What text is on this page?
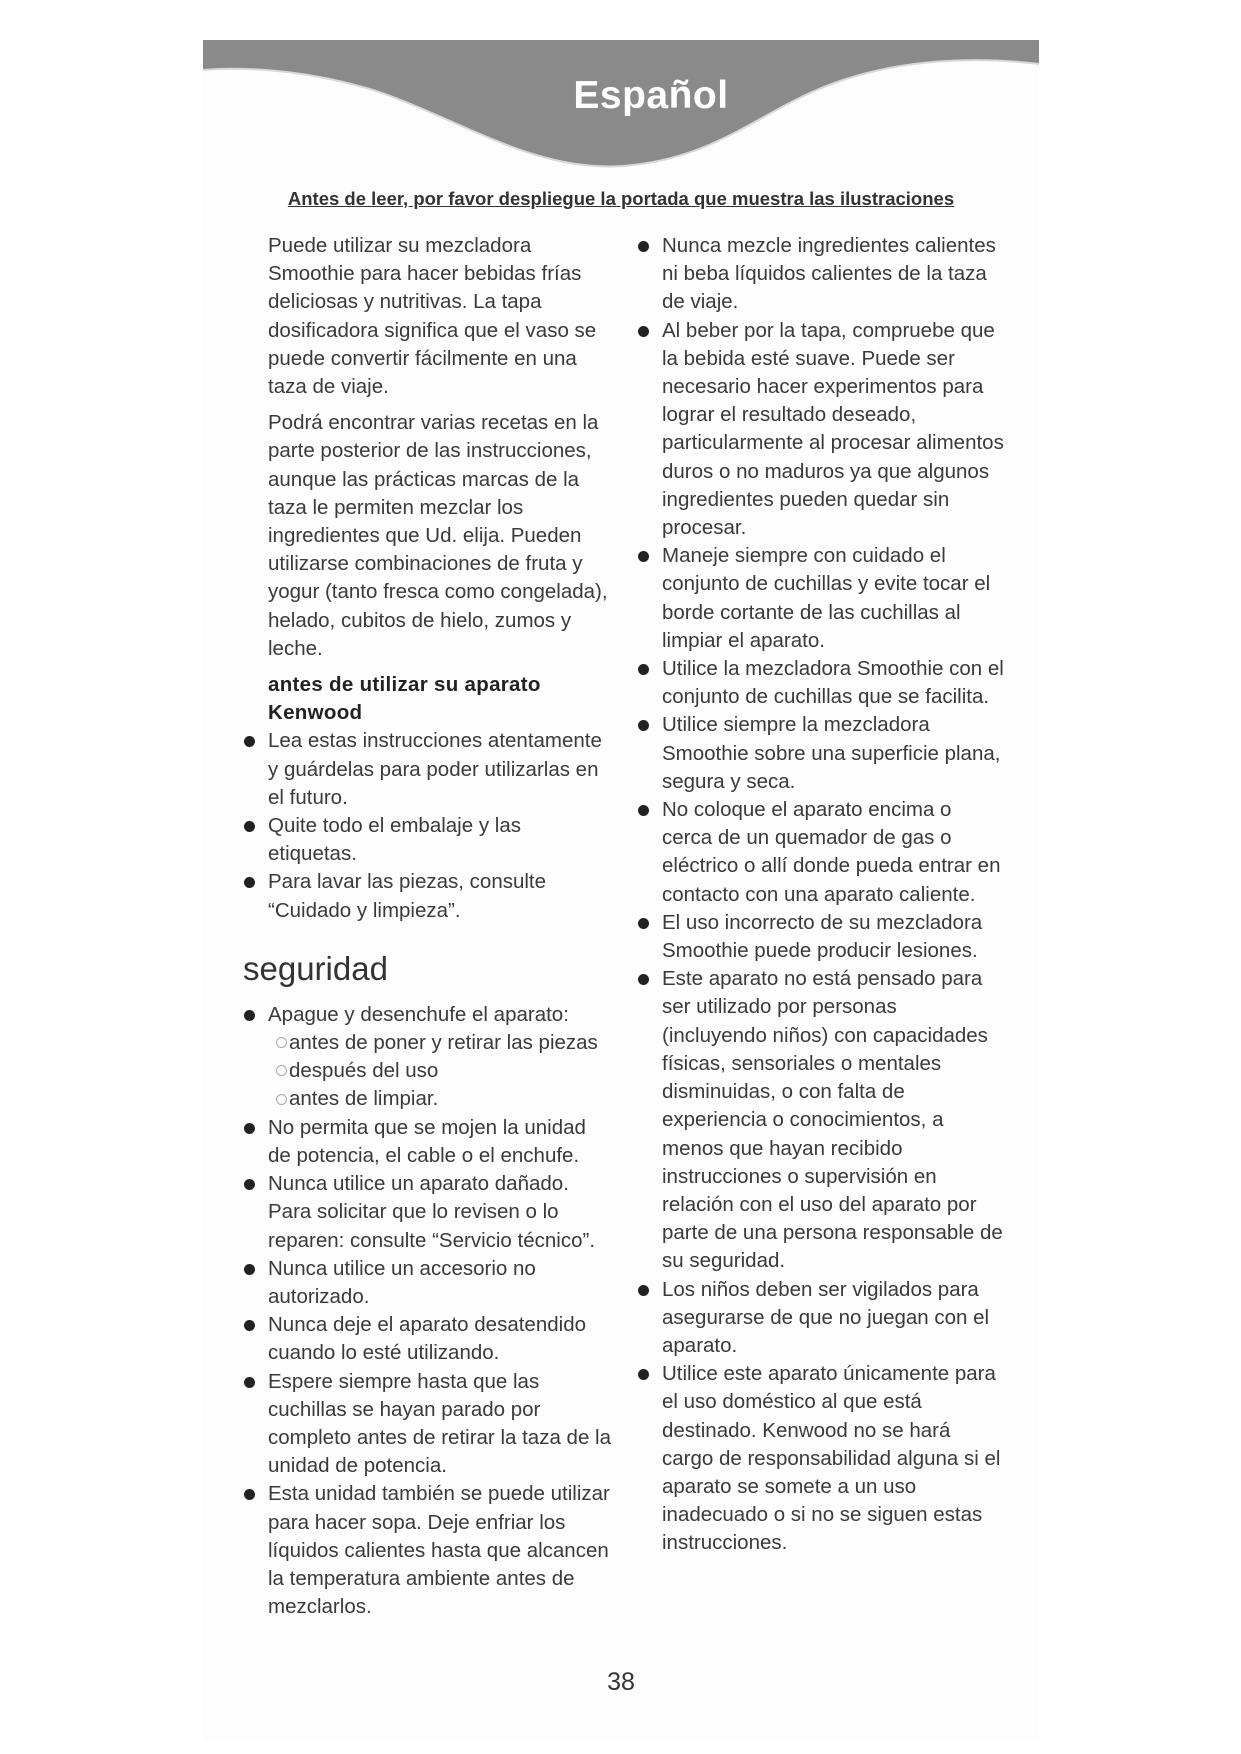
Español
Antes de leer, por favor despliegue la portada que muestra las ilustraciones

Puede utilizar su mezcladora Smoothie para hacer bebidas frías deliciosas y nutritivas. La tapa dosificadora significa que el vaso se puede convertir fácilmente en una taza de viaje.

Podrá encontrar varias recetas en la parte posterior de las instrucciones, aunque las prácticas marcas de la taza le permiten mezclar los ingredientes que Ud. elija. Pueden utilizarse combinaciones de fruta y yogur (tanto fresca como congelada), helado, cubitos de hielo, zumos y leche.

antes de utilizar su aparato Kenwood
Lea estas instrucciones atentamente y guárdelas para poder utilizarlas en el futuro.
Quite todo el embalaje y las etiquetas.
Para lavar las piezas, consulte “Cuidado y limpieza”.
seguridad
Apague y desenchufe el aparato:
antes de poner y retirar las piezas
después del uso
antes de limpiar.
No permita que se mojen la unidad de potencia, el cable o el enchufe.
Nunca utilice un aparato dañado. Para solicitar que lo revisen o lo reparen: consulte “Servicio técnico”.
Nunca utilice un accesorio no autorizado.
Nunca deje el aparato desatendido cuando lo esté utilizando.
Espere siempre hasta que las cuchillas se hayan parado por completo antes de retirar la taza de la unidad de potencia.
Esta unidad también se puede utilizar para hacer sopa. Deje enfriar los líquidos calientes hasta que alcancen la temperatura ambiente antes de mezclarlos.
Nunca mezcle ingredientes calientes ni beba líquidos calientes de la taza de viaje.
Al beber por la tapa, compruebe que la bebida esté suave. Puede ser necesario hacer experimentos para lograr el resultado deseado, particularmente al procesar alimentos duros o no maduros ya que algunos ingredientes pueden quedar sin procesar.
Maneje siempre con cuidado el conjunto de cuchillas y evite tocar el borde cortante de las cuchillas al limpiar el aparato.
Utilice la mezcladora Smoothie con el conjunto de cuchillas que se facilita.
Utilice siempre la mezcladora Smoothie sobre una superficie plana, segura y seca.
No coloque el aparato encima o cerca de un quemador de gas o eléctrico o allí donde pueda entrar en contacto con una aparato caliente.
El uso incorrecto de su mezcladora Smoothie puede producir lesiones.
Este aparato no está pensado para ser utilizado por personas (incluyendo niños) con capacidades físicas, sensoriales o mentales disminuidas, o con falta de experiencia o conocimientos, a menos que hayan recibido instrucciones o supervisión en relación con el uso del aparato por parte de una persona responsable de su seguridad.
Los niños deben ser vigilados para asegurarse de que no juegan con el aparato.
Utilice este aparato únicamente para el uso doméstico al que está destinado. Kenwood no se hará cargo de responsabilidad alguna si el aparato se somete a un uso inadecuado o si no se siguen estas instrucciones.
38
